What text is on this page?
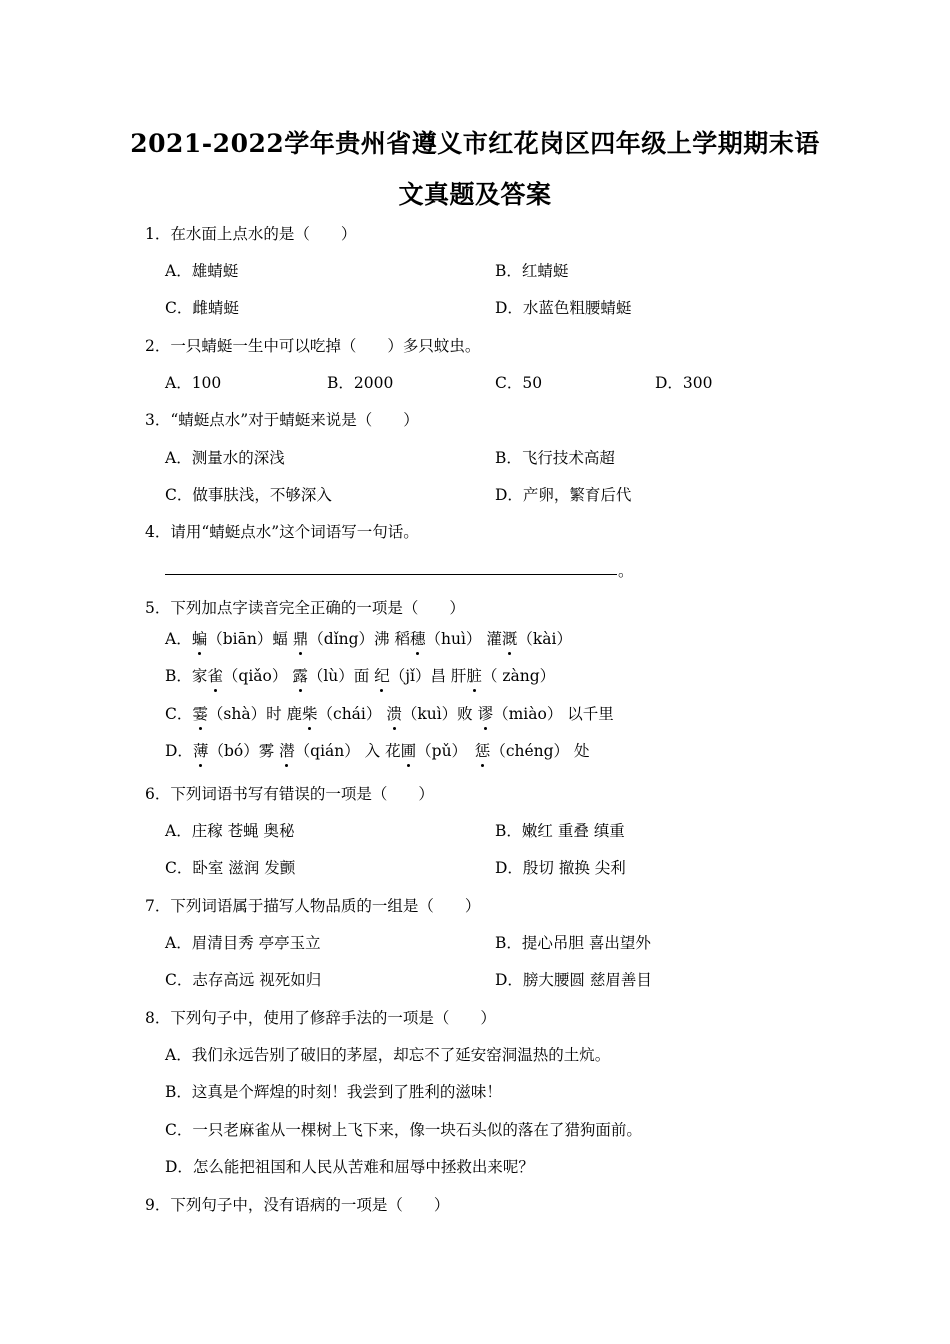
2021-2022学年贵州省遵义市红花岗区四年级上学期期末语
文真题及答案
1．在水面上点水的是（　　）
A．雄蜻蜓	B．红蜻蜓
C．雌蜻蜓	D．水蓝色粗腰蜻蜓
2．一只蜻蜓一生中可以吃掉（　　）多只蚊虫。
A．100	B．2000	C．50	D．300
3．“蜻蜓点水”对于蜻蜓来说是（　　）
A．测量水的深浅	B．飞行技术高超
C．做事肤浅，不够深入	D．产卵，繁育后代
4．请用“蜻蜓点水”这个词语写一句话。
。
5．下列加点字读音完全正确的一项是（　　）
A．蝙（biān）蝠 鼎（dǐng）沸 稻穗（huì） 灌溉（kài）
B．家雀（qiǎo） 露（lù）面 纪（jǐ）昌 肝脏（ zàng）
C．霎（shà）时 鹿柴（chái） 溃（kuì）败 谬（miào） 以千里
D．薄（bó）雾 潜（qián） 入 花圃（pǔ）　惩（chéng） 处
6．下列词语书写有错误的一项是（　　）
A．庄稼 苍蝇 奥秘	B．嫩红 重叠 缜重
C．卧室 滋润 发颤	D．殷切 撤换 尖利
7．下列词语属于描写人物品质的一组是（　　）
A．眉清目秀 亭亭玉立	B．提心吊胆 喜出望外
C．志存高远 视死如归	D．膀大腰圆 慈眉善目
8．下列句子中，使用了修辞手法的一项是（　　）
A．我们永远告别了破旧的茅屋，却忘不了延安窑洞温热的土炕。
B．这真是个辉煌的时刻！我尝到了胜利的滋味！
C．一只老麻雀从一棵树上飞下来，像一块石头似的落在了猎狗面前。
D．怎么能把祖国和人民从苦难和屈辱中拯救出来呢？
9．下列句子中，没有语病的一项是（　　）
